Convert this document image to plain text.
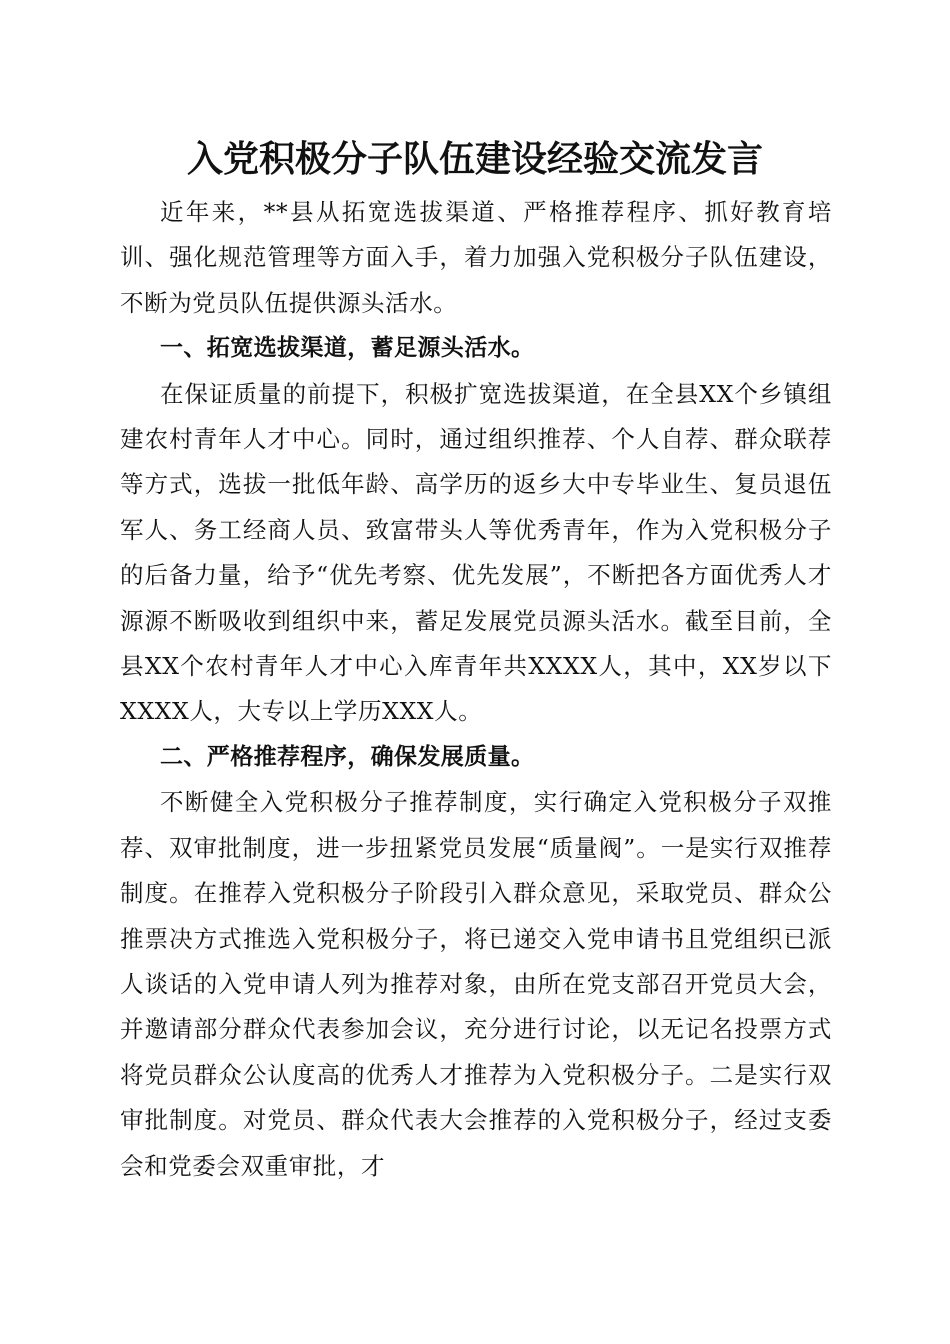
入党积极分子队伍建设经验交流发言

近年来，**县从拓宽选拔渠道、严格推荐程序、抓好教育培训、强化规范管理等方面入手，着力加强入党积极分子队伍建设，不断为党员队伍提供源头活水。

一、拓宽选拔渠道，蓄足源头活水。

在保证质量的前提下，积极扩宽选拔渠道，在全县XX个乡镇组建农村青年人才中心。同时，通过组织推荐、个人自荐、群众联荐等方式，选拔一批低年龄、高学历的返乡大中专毕业生、复员退伍军人、务工经商人员、致富带头人等优秀青年，作为入党积极分子的后备力量，给予“优先考察、优先发展”，不断把各方面优秀人才源源不断吸收到组织中来，蓄足发展党员源头活水。截至目前，全县XX个农村青年人才中心入库青年共XXXX人，其中，XX岁以下XXXX人，大专以上学历XXX人。

二、严格推荐程序，确保发展质量。

不断健全入党积极分子推荐制度，实行确定入党积极分子双推荐、双审批制度，进一步扭紧党员发展“质量阀”。一是实行双推荐制度。在推荐入党积极分子阶段引入群众意见，采取党员、群众公推票决方式推选入党积极分子，将已递交入党申请书且党组织已派人谈话的入党申请人列为推荐对象，由所在党支部召开党员大会，并邀请部分群众代表参加会议，充分进行讨论，以无记名投票方式将党员群众公认度高的优秀人才推荐为入党积极分子。二是实行双审批制度。对党员、群众代表大会推荐的入党积极分子，经过支委会和党委会双重审批，才
